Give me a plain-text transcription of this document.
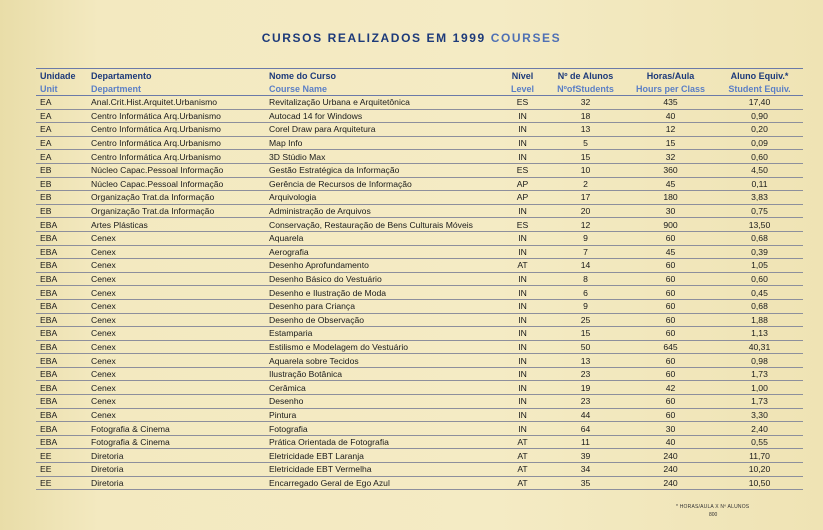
CURSOS REALIZADOS EM 1999 COURSES
Unidade	Departamento	Nome do Curso	Nível	Nº de Alunos	Horas/Aula	Aluno Equiv.*
Unit	Department	Course Name	Level	NºofStudents	Hours per Class	Student Equiv.
EA	Anal.Crit.Hist.Arquitet.Urbanismo	Revitalização Urbana e Arquitetônica	ES	32	435	17,40
EA	Centro Informática Arq.Urbanismo	Autocad 14 for Windows	IN	18	40	0,90
EA	Centro Informática Arq.Urbanismo	Corel Draw para Arquitetura	IN	13	12	0,20
EA	Centro Informática Arq.Urbanismo	Map Info	IN	5	15	0,09
EA	Centro Informática Arq.Urbanismo	3D Stúdio Max	IN	15	32	0,60
EB	Núcleo Capac.Pessoal Informação	Gestão Estratégica da Informação	ES	10	360	4,50
EB	Núcleo Capac.Pessoal Informação	Gerência de Recursos de Informação	AP	2	45	0,11
EB	Organização Trat.da Informação	Arquivologia	AP	17	180	3,83
EB	Organização Trat.da Informação	Administração de Arquivos	IN	20	30	0,75
EBA	Artes Plásticas	Conservação, Restauração de Bens Culturais Móveis	ES	12	900	13,50
EBA	Cenex	Aquarela	IN	9	60	0,68
EBA	Cenex	Aerografia	IN	7	45	0,39
EBA	Cenex	Desenho Aprofundamento	AT	14	60	1,05
EBA	Cenex	Desenho Básico do Vestuário	IN	8	60	0,60
EBA	Cenex	Desenho e Ilustração de Moda	IN	6	60	0,45
EBA	Cenex	Desenho para Criança	IN	9	60	0,68
EBA	Cenex	Desenho de Observação	IN	25	60	1,88
EBA	Cenex	Estamparia	IN	15	60	1,13
EBA	Cenex	Estilismo e Modelagem do Vestuário	IN	50	645	40,31
EBA	Cenex	Aquarela sobre Tecidos	IN	13	60	0,98
EBA	Cenex	Ilustração Botânica	IN	23	60	1,73
EBA	Cenex	Cerâmica	IN	19	42	1,00
EBA	Cenex	Desenho	IN	23	60	1,73
EBA	Cenex	Pintura	IN	44	60	3,30
EBA	Fotografia & Cinema	Fotografia	IN	64	30	2,40
EBA	Fotografia & Cinema	Prática Orientada de Fotografia	AT	11	40	0,55
EE	Diretoria	Eletricidade EBT Laranja	AT	39	240	11,70
EE	Diretoria	Eletricidade EBT Vermelha	AT	34	240	10,20
EE	Diretoria	Encarregado Geral de Ego Azul	AT	35	240	10,50
* HORAS/AULA X Nº ALUNOS
800
